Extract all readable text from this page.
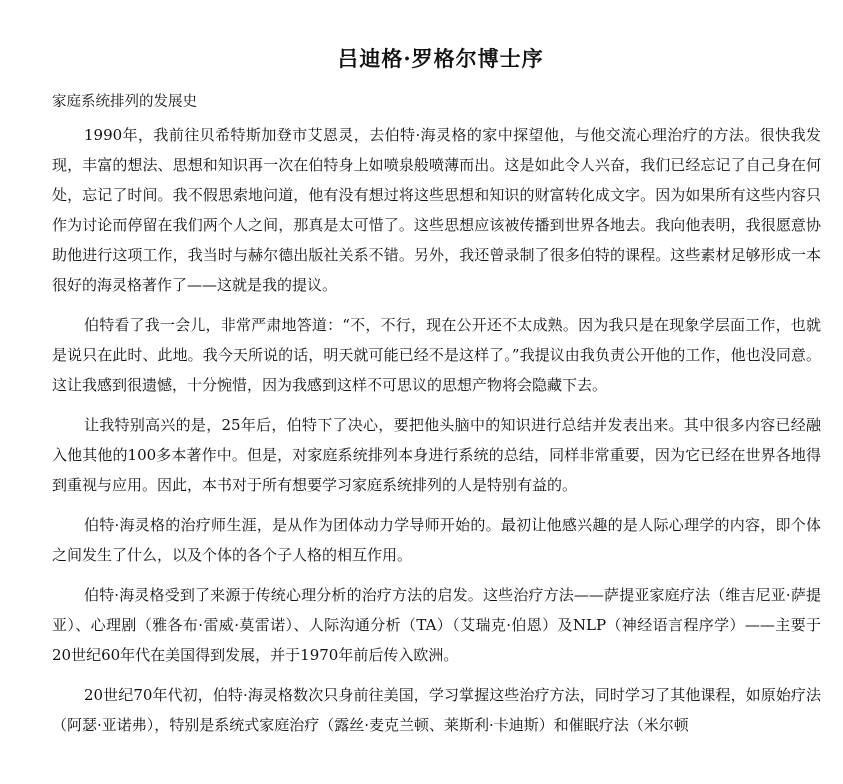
吕迪格·罗格尔博士序
家庭系统排列的发展史

1990年，我前往贝希特斯加登市艾恩灵，去伯特·海灵格的家中探望他，与他交流心理治疗的方法。很快我发现，丰富的想法、思想和知识再一次在伯特身上如喷泉般喷薄而出。这是如此令人兴奋，我们已经忘记了自己身在何处，忘记了时间。我不假思索地问道，他有没有想过将这些思想和知识的财富转化成文字。因为如果所有这些内容只作为讨论而停留在我们两个人之间，那真是太可惜了。这些思想应该被传播到世界各地去。我向他表明，我很愿意协助他进行这项工作，我当时与赫尔德出版社关系不错。另外，我还曾录制了很多伯特的课程。这些素材足够形成一本很好的海灵格著作了——这就是我的提议。

伯特看了我一会儿，非常严肃地答道：“不，不行，现在公开还不太成熟。因为我只是在现象学层面工作，也就是说只在此时、此地。我今天所说的话，明天就可能已经不是这样了。”我提议由我负责公开他的工作，他也没同意。这让我感到很遗憾，十分惋惜，因为我感到这样不可思议的思想产物将会隐藏下去。

让我特别高兴的是，25年后，伯特下了决心，要把他头脑中的知识进行总结并发表出来。其中很多内容已经融入他其他的100多本著作中。但是，对家庭系统排列本身进行系统的总结，同样非常重要，因为它已经在世界各地得到重视与应用。因此，本书对于所有想要学习家庭系统排列的人是特别有益的。

伯特·海灵格的治疗师生涯，是从作为团体动力学导师开始的。最初让他感兴趣的是人际心理学的内容，即个体之间发生了什么，以及个体的各个子人格的相互作用。

伯特·海灵格受到了来源于传统心理分析的治疗方法的启发。这些治疗方法——萨提亚家庭疗法（维吉尼亚·萨提亚）、心理剧（雅各布·雷威·莫雷诺）、人际沟通分析（TA）（艾瑞克·伯恩）及NLP（神经语言程序学）——主要于20世纪60年代在美国得到发展，并于1970年前后传入欧洲。

20世纪70年代初，伯特·海灵格数次只身前往美国，学习掌握这些治疗方法，同时学习了其他课程，如原始疗法（阿瑟·亚诺弗），特别是系统式家庭治疗（露丝·麦克兰顿、莱斯利·卡迪斯）和催眠疗法（米尔顿
